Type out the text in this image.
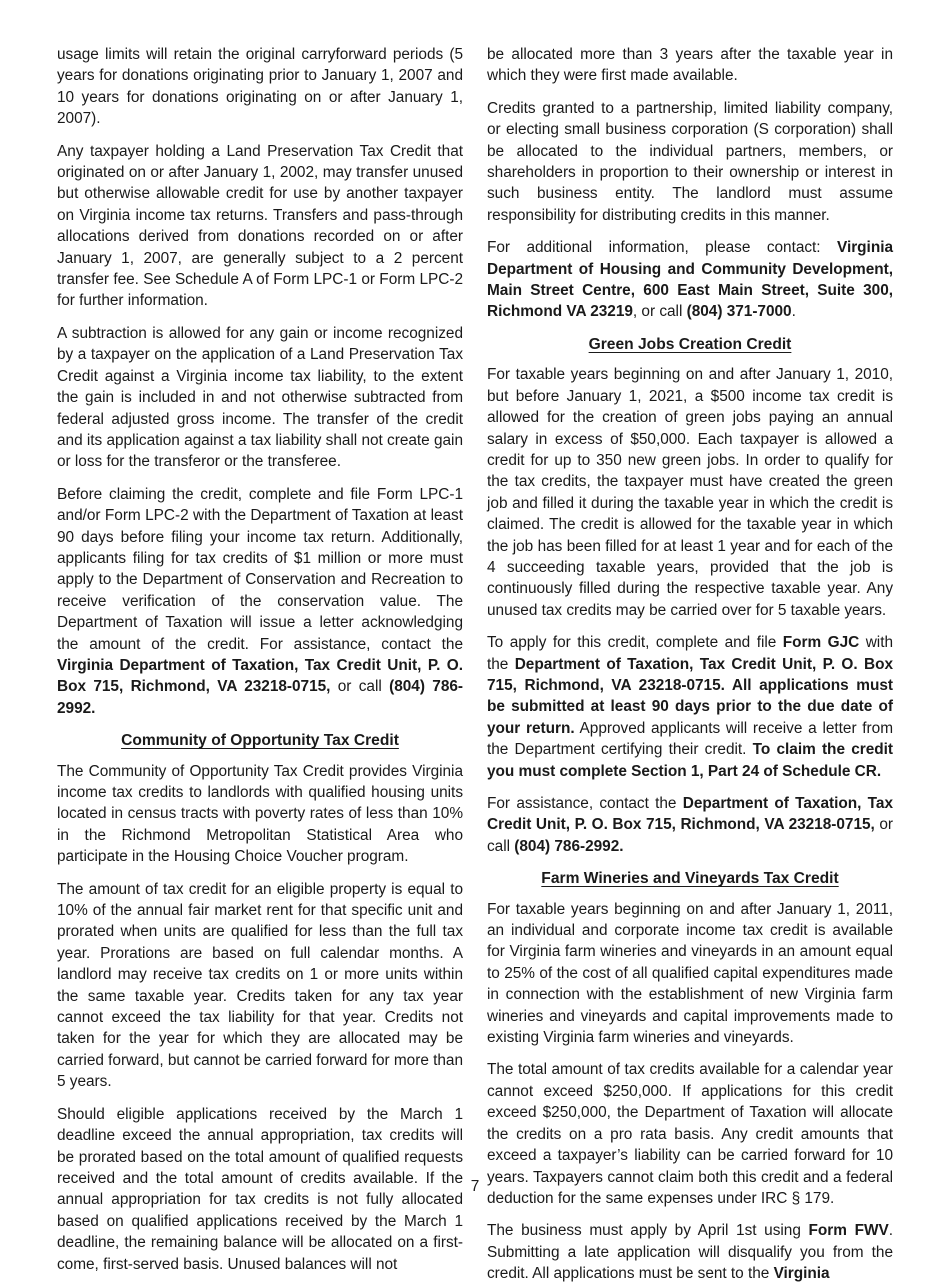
usage limits will retain the original carryforward periods (5 years for donations originating prior to January 1, 2007 and 10 years for donations originating on or after January 1, 2007).

Any taxpayer holding a Land Preservation Tax Credit that originated on or after January 1, 2002, may transfer unused but otherwise allowable credit for use by another taxpayer on Virginia income tax returns. Transfers and pass-through allocations derived from donations recorded on or after January 1, 2007, are generally subject to a 2 percent transfer fee. See Schedule A of Form LPC-1 or Form LPC-2 for further information.

A subtraction is allowed for any gain or income recognized by a taxpayer on the application of a Land Preservation Tax Credit against a Virginia income tax liability, to the extent the gain is included in and not otherwise subtracted from federal adjusted gross income. The transfer of the credit and its application against a tax liability shall not create gain or loss for the transferor or the transferee.

Before claiming the credit, complete and file Form LPC-1 and/or Form LPC-2 with the Department of Taxation at least 90 days before filing your income tax return. Additionally, applicants filing for tax credits of $1 million or more must apply to the Department of Conservation and Recreation to receive verification of the conservation value. The Department of Taxation will issue a letter acknowledging the amount of the credit. For assistance, contact the Virginia Department of Taxation, Tax Credit Unit, P. O. Box 715, Richmond, VA 23218-0715, or call (804) 786-2992.

Community of Opportunity Tax Credit

The Community of Opportunity Tax Credit provides Virginia income tax credits to landlords with qualified housing units located in census tracts with poverty rates of less than 10% in the Richmond Metropolitan Statistical Area who participate in the Housing Choice Voucher program.

The amount of tax credit for an eligible property is equal to 10% of the annual fair market rent for that specific unit and prorated when units are qualified for less than the full tax year. Prorations are based on full calendar months. A landlord may receive tax credits on 1 or more units within the same taxable year. Credits taken for any tax year cannot exceed the tax liability for that year. Credits not taken for the year for which they are allocated may be carried forward, but cannot be carried forward for more than 5 years.

Should eligible applications received by the March 1 deadline exceed the annual appropriation, tax credits will be prorated based on the total amount of qualified requests received and the total amount of credits available. If the annual appropriation for tax credits is not fully allocated based on qualified applications received by the March 1 deadline, the remaining balance will be allocated on a first-come, first-served basis. Unused balances will not

be allocated more than 3 years after the taxable year in which they were first made available.

Credits granted to a partnership, limited liability company, or electing small business corporation (S corporation) shall be allocated to the individual partners, members, or shareholders in proportion to their ownership or interest in such business entity. The landlord must assume responsibility for distributing credits in this manner.

For additional information, please contact: Virginia Department of Housing and Community Development, Main Street Centre, 600 East Main Street, Suite 300, Richmond VA 23219, or call (804) 371-7000.

Green Jobs Creation Credit

For taxable years beginning on and after January 1, 2010, but before January 1, 2021, a $500 income tax credit is allowed for the creation of green jobs paying an annual salary in excess of $50,000. Each taxpayer is allowed a credit for up to 350 new green jobs. In order to qualify for the tax credits, the taxpayer must have created the green job and filled it during the taxable year in which the credit is claimed. The credit is allowed for the taxable year in which the job has been filled for at least 1 year and for each of the 4 succeeding taxable years, provided that the job is continuously filled during the respective taxable year. Any unused tax credits may be carried over for 5 taxable years.

To apply for this credit, complete and file Form GJC with the Department of Taxation, Tax Credit Unit, P. O. Box 715, Richmond, VA 23218-0715. All applications must be submitted at least 90 days prior to the due date of your return. Approved applicants will receive a letter from the Department certifying their credit. To claim the credit you must complete Section 1, Part 24 of Schedule CR.

For assistance, contact the Department of Taxation, Tax Credit Unit, P. O. Box 715, Richmond, VA 23218-0715, or call (804) 786-2992.

Farm Wineries and Vineyards Tax Credit

For taxable years beginning on and after January 1, 2011, an individual and corporate income tax credit is available for Virginia farm wineries and vineyards in an amount equal to 25% of the cost of all qualified capital expenditures made in connection with the establishment of new Virginia farm wineries and vineyards and capital improvements made to existing Virginia farm wineries and vineyards.

The total amount of tax credits available for a calendar year cannot exceed $250,000. If applications for this credit exceed $250,000, the Department of Taxation will allocate the credits on a pro rata basis. Any credit amounts that exceed a taxpayer’s liability can be carried forward for 10 years. Taxpayers cannot claim both this credit and a federal deduction for the same expenses under IRC § 179.

The business must apply by April 1st using Form FWV. Submitting a late application will disqualify you from the credit. All applications must be sent to the Virginia

7
